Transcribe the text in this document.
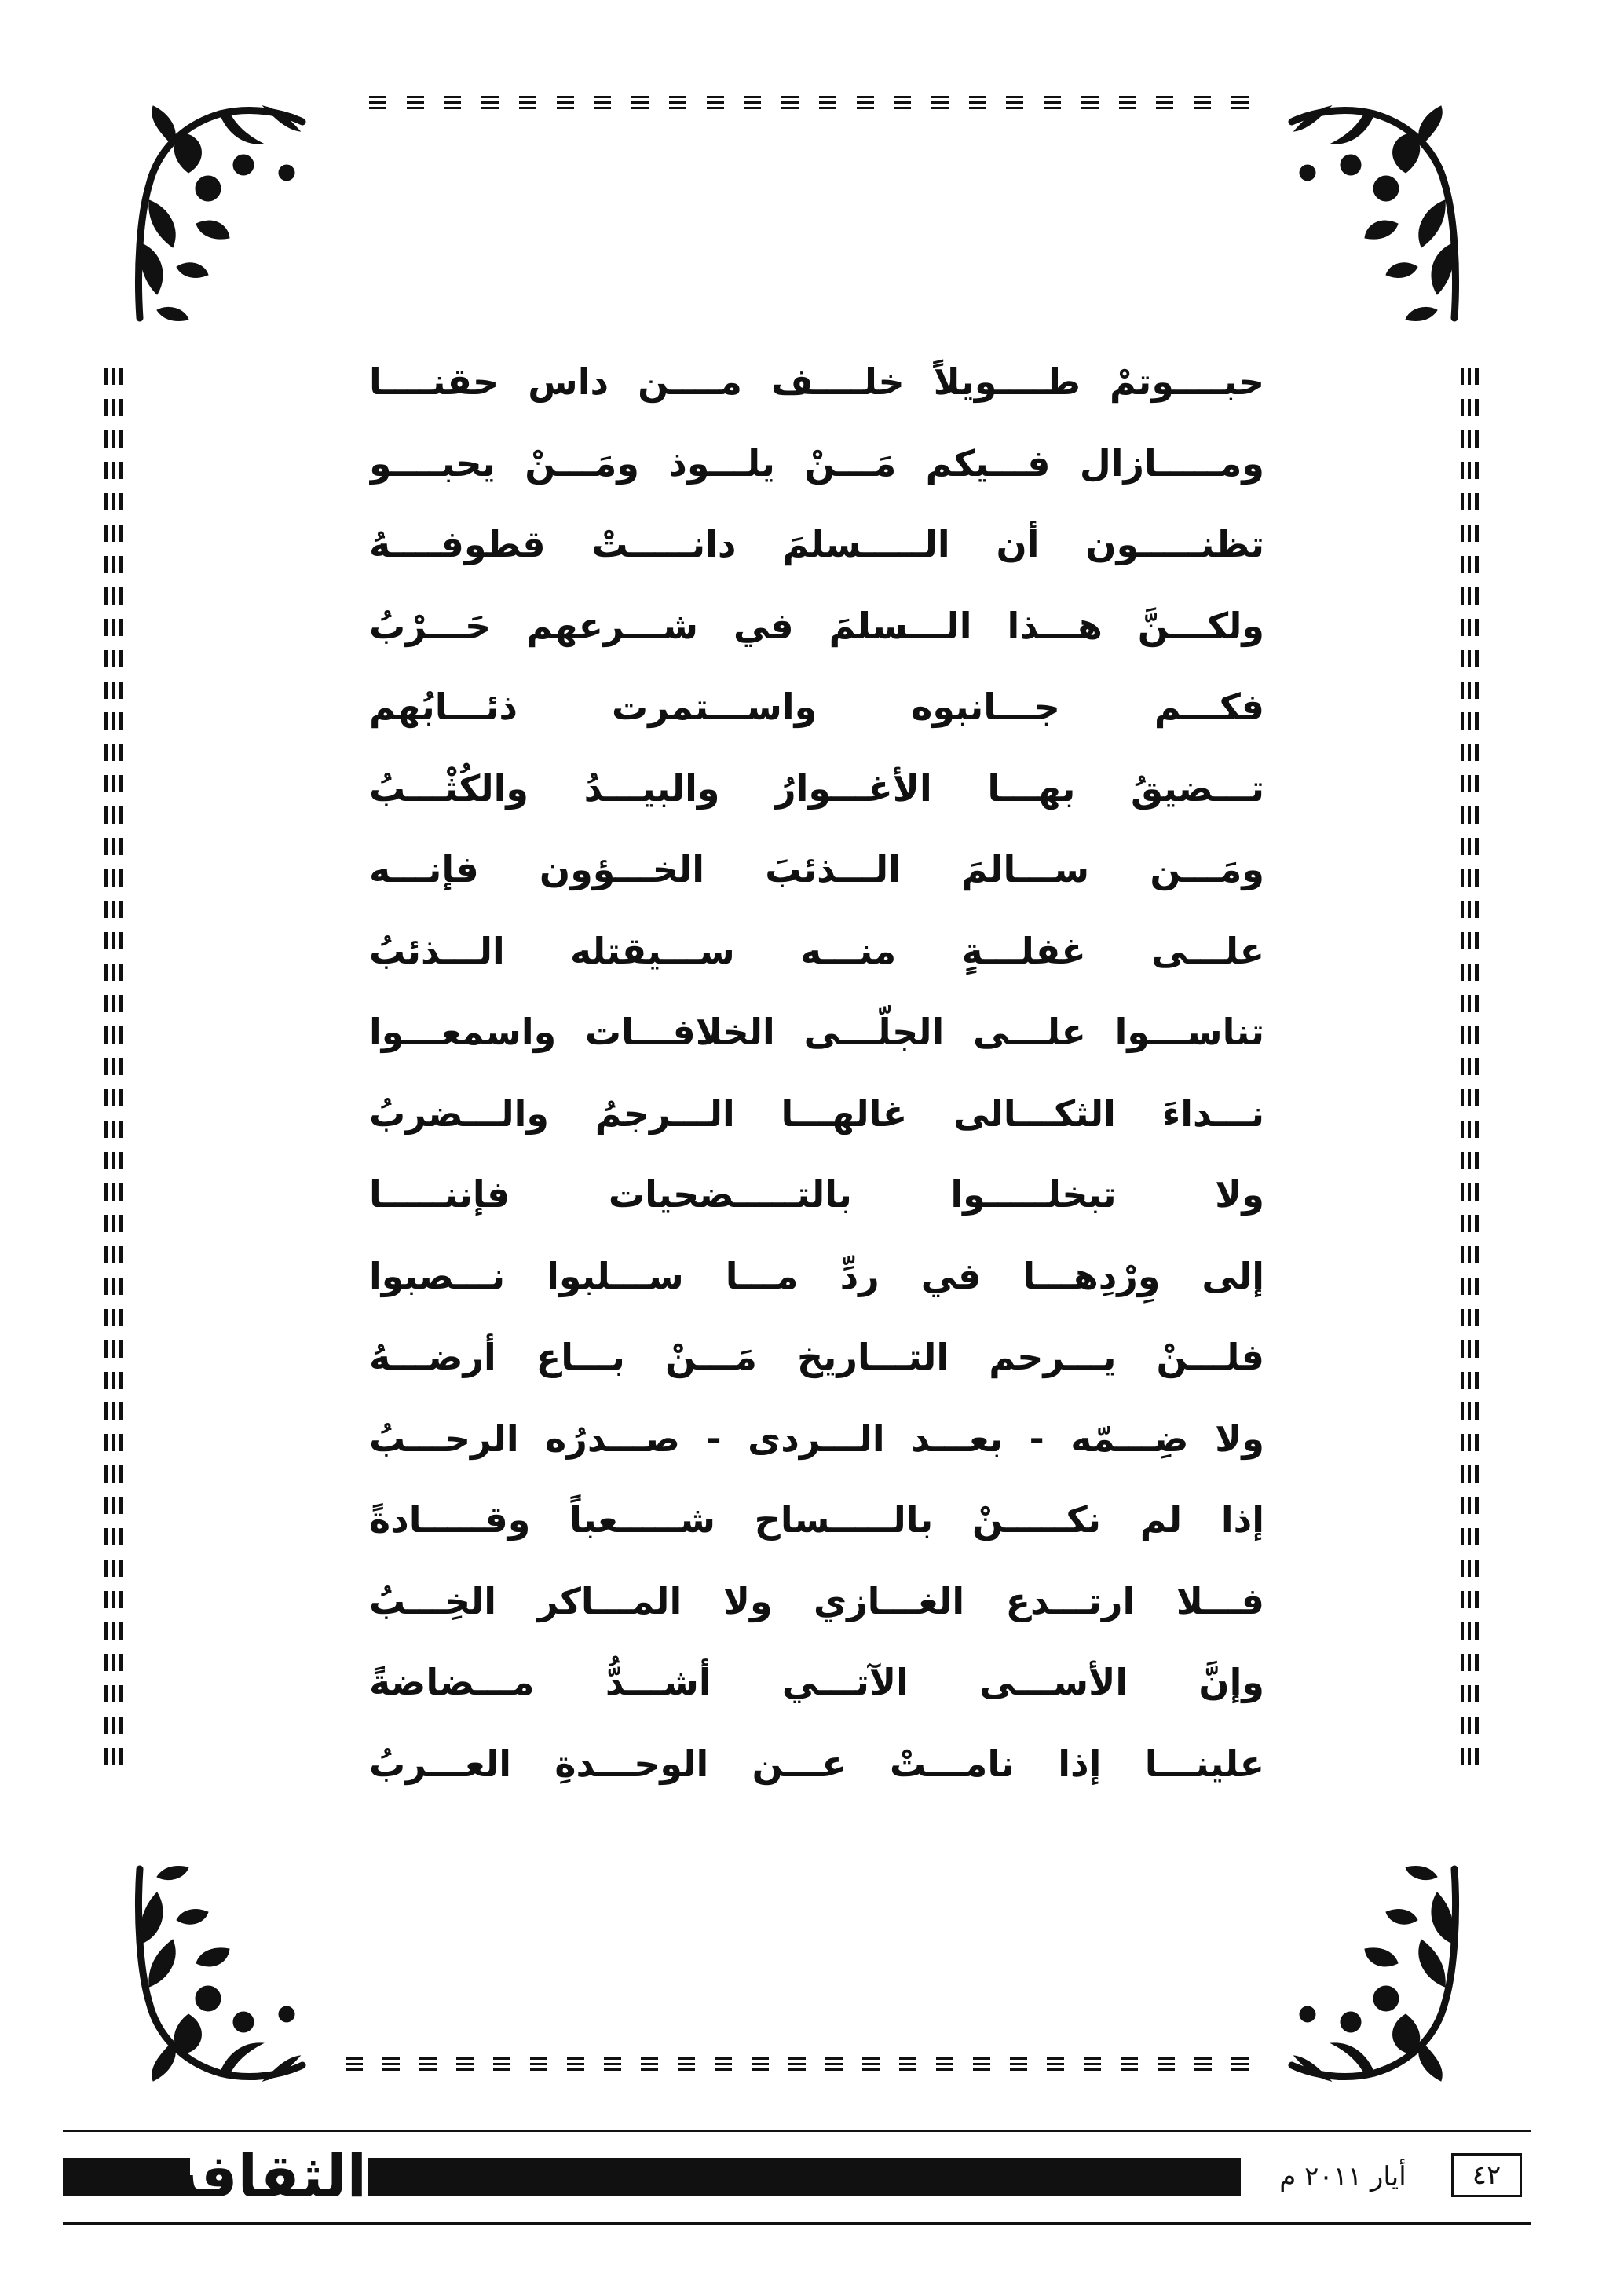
حبــــوتمْ طــــويلاً خلــــف مــــن داس حقنــــا
ومـــــازال فـــيكم مَـــنْ يلـــوذ ومَـــنْ يحبــــو
تظنـــــون أن الـــــسلمَ دانـــــتْ قطوفــــهُ
ولكـــنَّ هـــذا الـــسلمَ في شـــرعهم حَـــرْبُ
فكـــم جـــانبوه واســـتمرت ذئـــابُهم
تـــضيقُ بهـــا الأغـــوارُ والبيـــدُ والكُثْـــبُ
ومَـــن ســـالمَ الـــذئبَ الخـــؤون فإنـــه
علـــى غفلـــةٍ منـــه ســـيقتله الـــذئبُ
تناســـوا علـــى الجلّـــى الخلافـــات واسمعـــوا
نـــداءَ الثكـــالى غالهـــا الـــرجمُ والـــضربُ
ولا تبخلـــــوا بالتـــــضحيات فإننـــــا
إلى وِرْدِهـــا في ردِّ مـــا ســـلبوا نـــصبوا
فلـــنْ يـــرحم التـــاريخ مَـــنْ بـــاع أرضـــهُ
ولا ضِـــمّه - بعـــد الـــردى - صـــدرُه الرحـــبُ
إذا لم نكـــــنْ بالـــــساح شـــــعباً وقـــــادةً
فـــلا ارتـــدع الغـــازي ولا المـــاكر الخِـــبُ
وإنَّ الأســـى الآتـــي أشـــدُّ مـــضاضةً
علينـــا إذا نامـــتْ عـــن الوحـــدةِ العـــربُ
الثقافة	أيار ٢٠١١ م	٤٢
